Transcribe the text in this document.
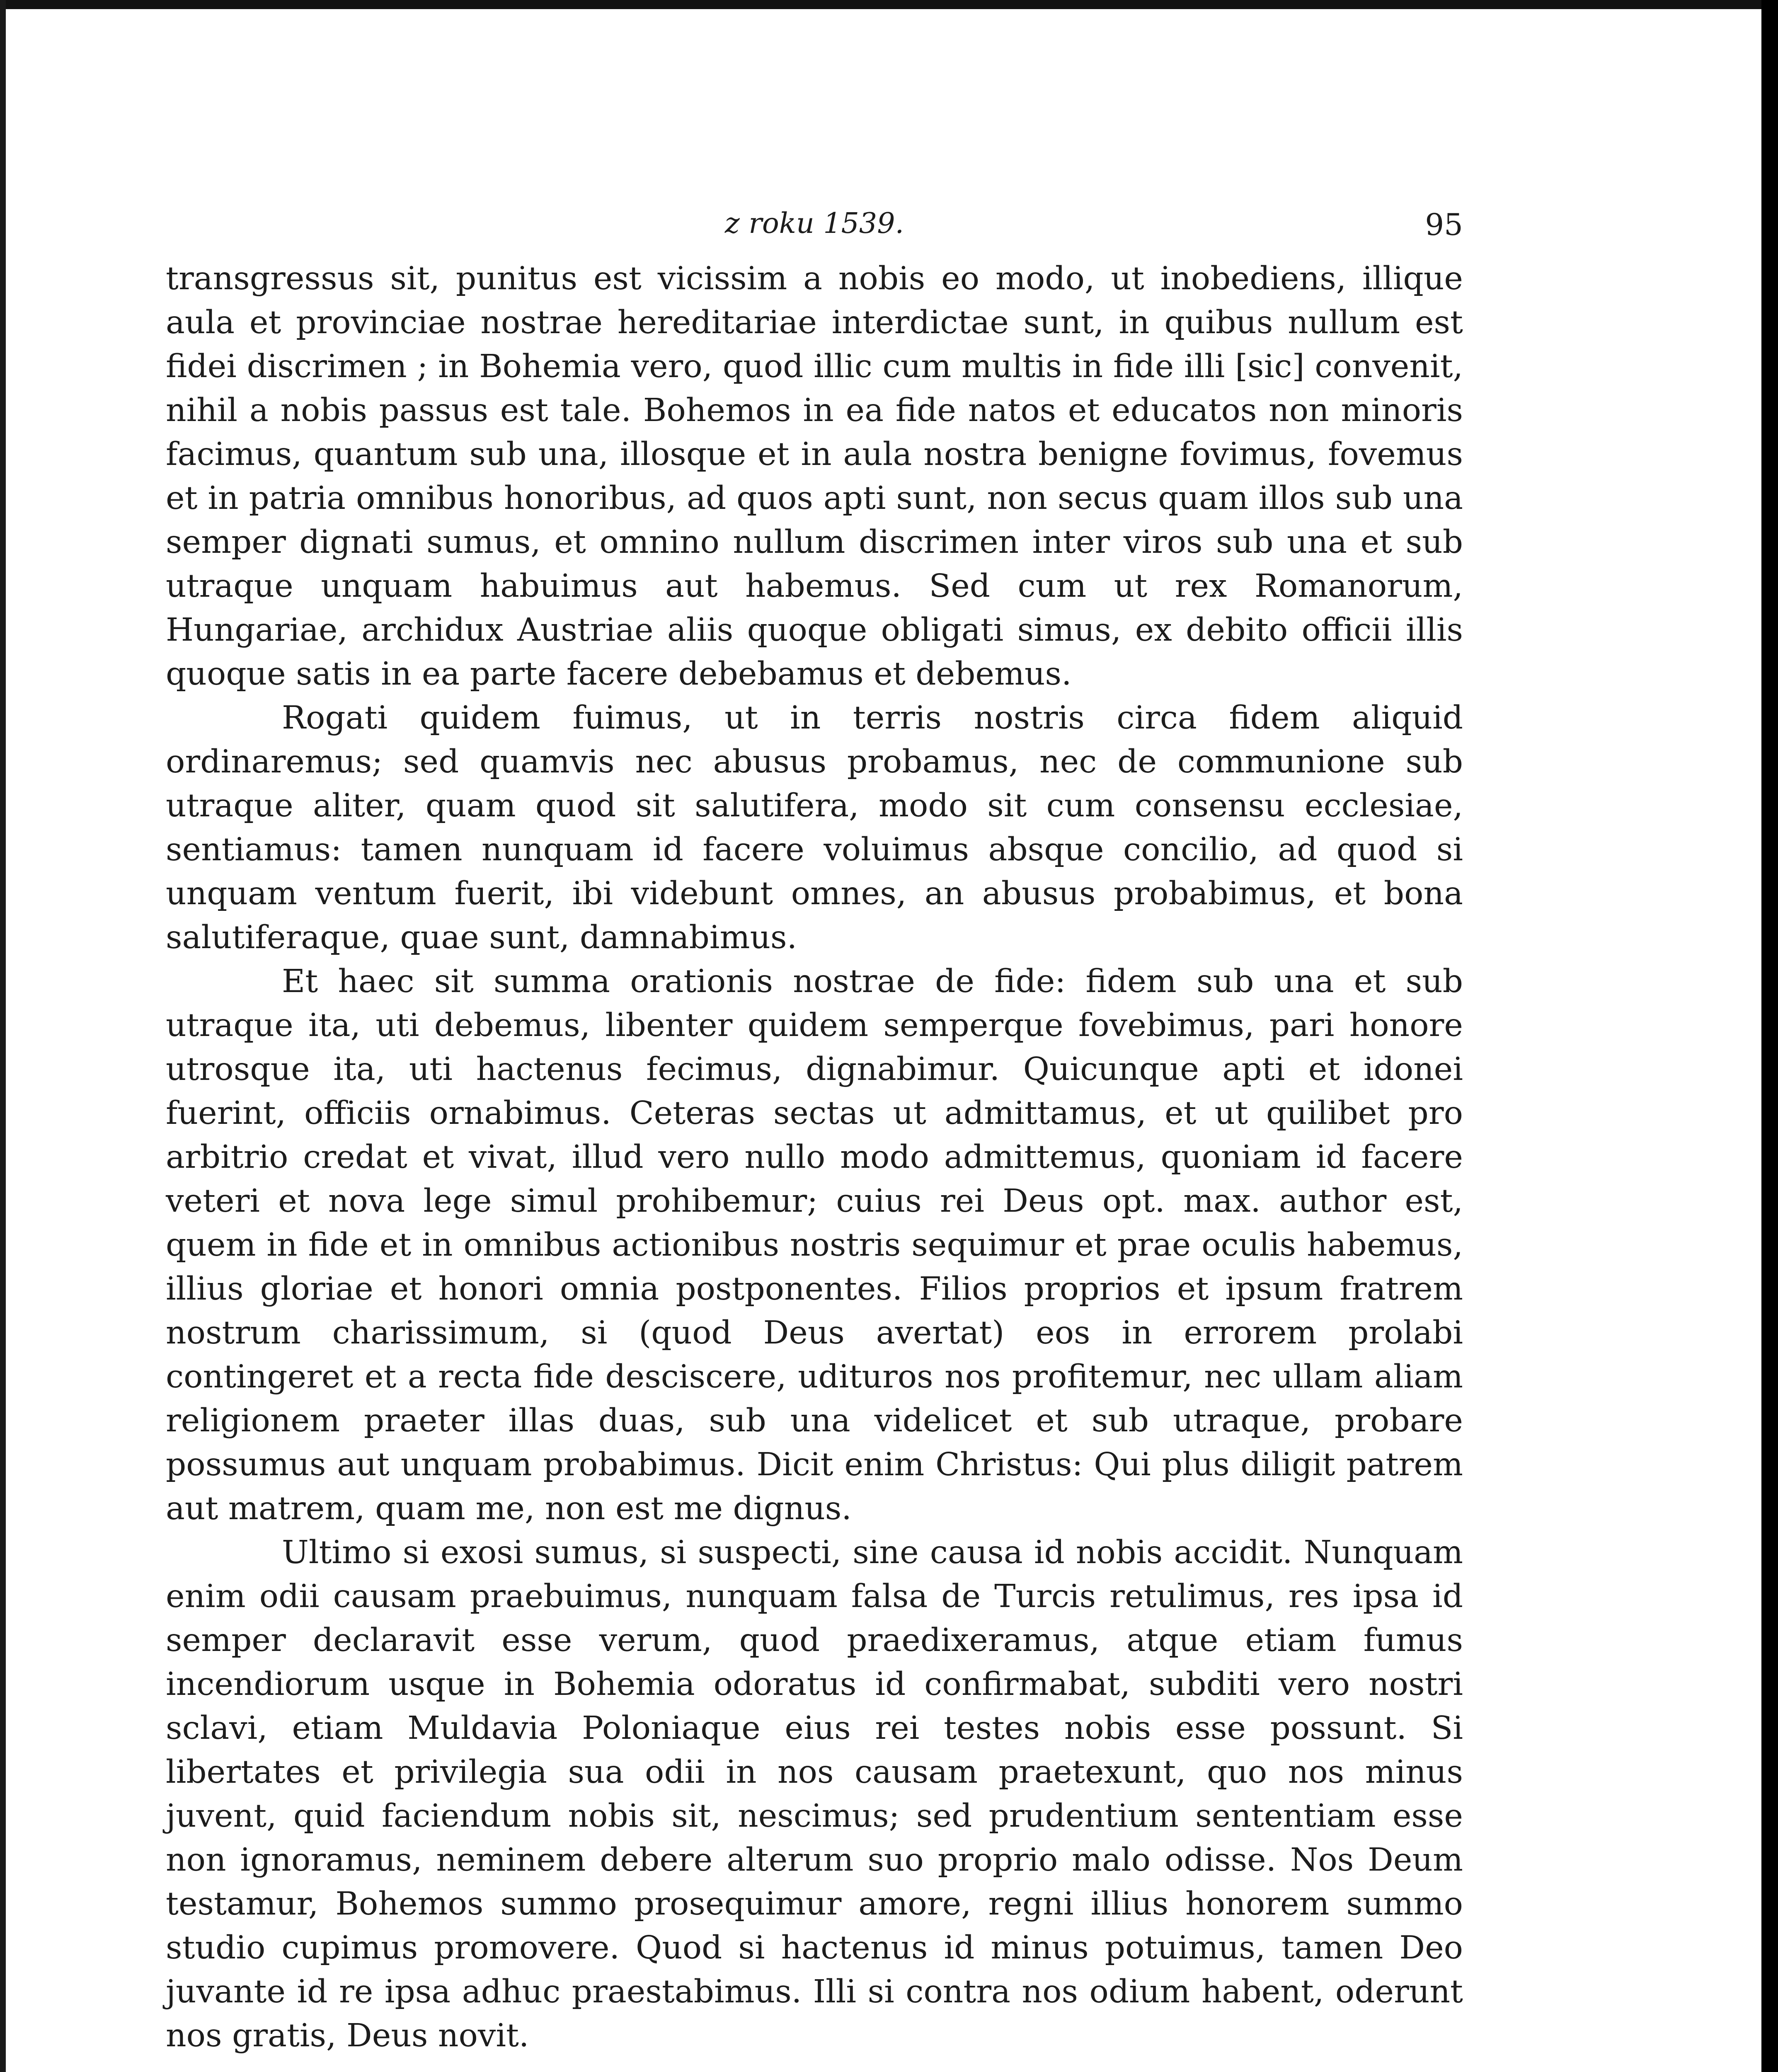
z roku 1539.	95

transgressus sit, punitus est vicissim a nobis eo modo, ut inobediens, illique aula et provinciae nostrae hereditariae interdictae sunt, in quibus nullum est fidei discrimen ; in Bohemia vero, quod illic cum multis in fide illi [sic] convenit, nihil a nobis passus est tale. Bohemos in ea fide natos et educatos non minoris facimus, quantum sub una, illosque et in aula nostra benigne fovimus, fovemus et in patria omnibus honoribus, ad quos apti sunt, non secus quam illos sub una semper dignati sumus, et omnino nullum discrimen inter viros sub una et sub utraque unquam habuimus aut habemus. Sed cum ut rex Romanorum, Hungariae, archidux Austriae aliis quoque obligati simus, ex debito officii illis quoque satis in ea parte facere debebamus et debemus.

Rogati quidem fuimus, ut in terris nostris circa fidem aliquid ordinaremus; sed quamvis nec abusus probamus, nec de communione sub utraque aliter, quam quod sit salutifera, modo sit cum consensu ecclesiae, sentiamus: tamen nunquam id facere voluimus absque concilio, ad quod si unquam ventum fuerit, ibi videbunt omnes, an abusus probabimus, et bona salutiferaque, quae sunt, damnabimus.

Et haec sit summa orationis nostrae de fide: fidem sub una et sub utraque ita, uti debemus, libenter quidem semperque fovebimus, pari honore utrosque ita, uti hactenus fecimus, dignabimur. Quicunque apti et idonei fuerint, officiis ornabimus. Ceteras sectas ut admittamus, et ut quilibet pro arbitrio credat et vivat, illud vero nullo modo admittemus, quoniam id facere veteri et nova lege simul prohibemur; cuius rei Deus opt. max. author est, quem in fide et in omnibus actionibus nostris sequimur et prae oculis habemus, illius gloriae et honori omnia postponentes. Filios proprios et ipsum fratrem nostrum charissimum, si (quod Deus avertat) eos in errorem prolabi contingeret et a recta fide desciscere, udituros nos profitemur, nec ullam aliam religionem praeter illas duas, sub una videlicet et sub utraque, probare possumus aut unquam probabimus. Dicit enim Christus: Qui plus diligit patrem aut matrem, quam me, non est me dignus.

Ultimo si exosi sumus, si suspecti, sine causa id nobis accidit. Nunquam enim odii causam praebuimus, nunquam falsa de Turcis retulimus, res ipsa id semper declaravit esse verum, quod praedixeramus, atque etiam fumus incendiorum usque in Bohemia odoratus id confirmabat, subditi vero nostri sclavi, etiam Muldavia Poloniaque eius rei testes nobis esse possunt. Si libertates et privilegia sua odii in nos causam praetexunt, quo nos minus juvent, quid faciendum nobis sit, nescimus; sed prudentium sententiam esse non ignoramus, neminem debere alterum suo proprio malo odisse. Nos Deum testamur, Bohemos summo prosequimur amore, regni illius honorem summo studio cupimus promovere. Quod si hactenus id minus potuimus, tamen Deo juvante id re ipsa adhuc praestabimus. Illi si contra nos odium habent, oderunt nos gratis, Deus novit.
